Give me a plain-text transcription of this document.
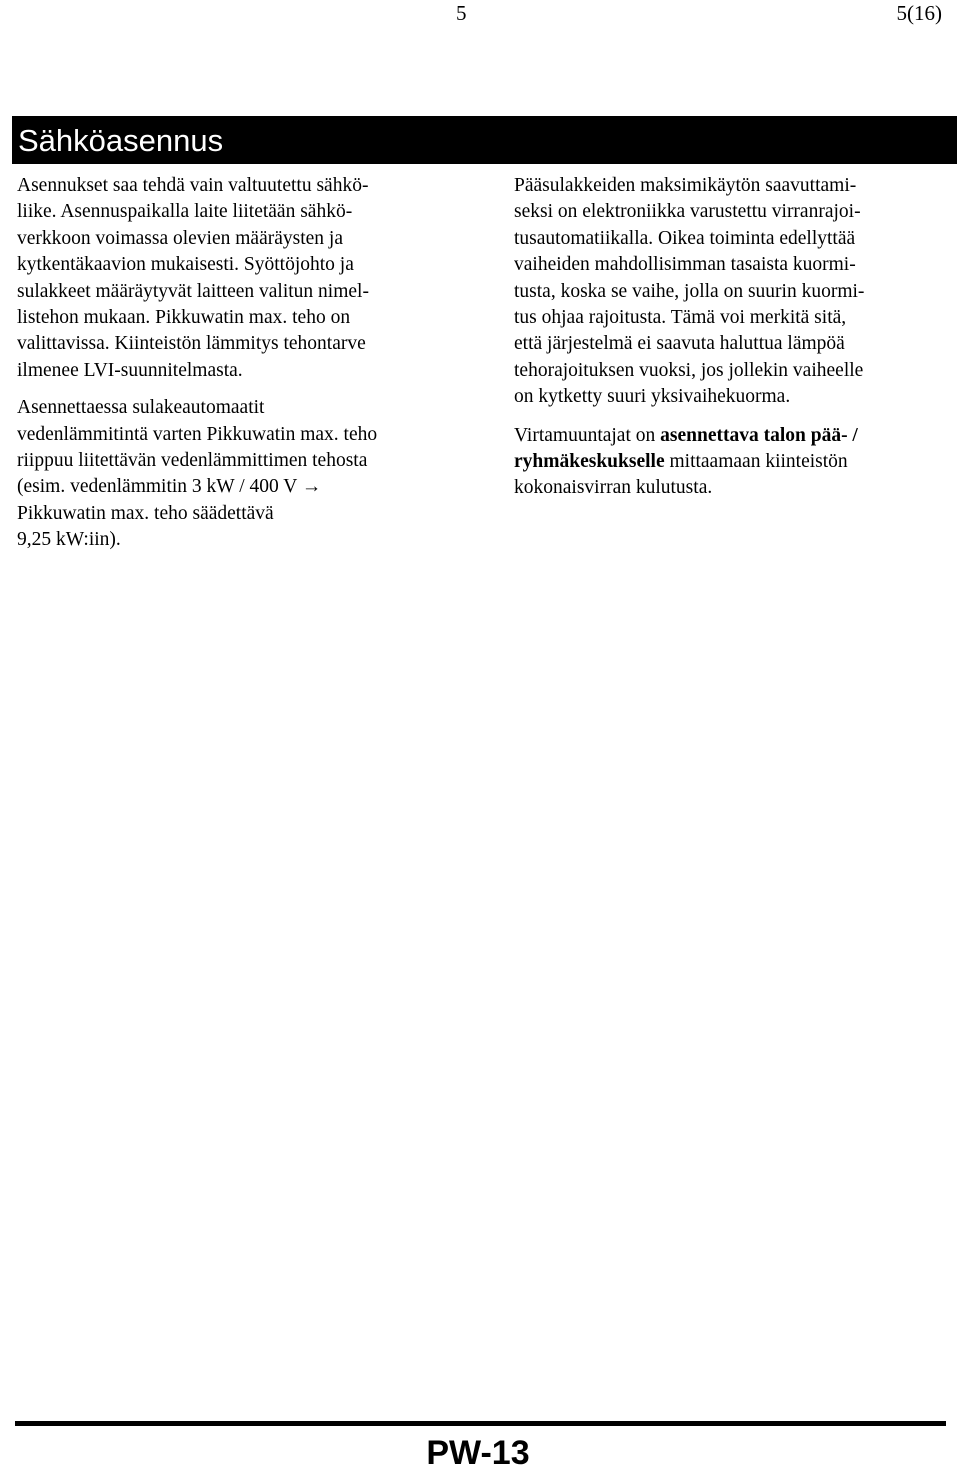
5	5(16)
Sähköasennus

Asennukset saa tehdä vain valtuutettu sähkö-
liike. Asennuspaikalla laite liitetään sähkö-
verkkoon voimassa olevien määräysten ja
kytkentäkaavion mukaisesti. Syöttöjohto ja
sulakkeet määräytyvät laitteen valitun nimel-
listehon mukaan. Pikkuwatin max. teho on
valittavissa. Kiinteistön lämmitys tehontarve
ilmenee LVI-suunnitelmasta.

Asennettaessa sulakeautomaatit
vedenlämmitintä varten Pikkuwatin max. teho
riippuu liitettävän vedenlämmittimen tehosta
(esim. vedenlämmitin 3 kW / 400 V →
Pikkuwatin max. teho säädettävä
9,25 kW:iin).

Pääsulakkeiden maksimikäytön saavuttami-
seksi on elektroniikka varustettu virranrajoi-
tusautomatiikalla. Oikea toiminta edellyttää
vaiheiden mahdollisimman tasaista kuormi-
tusta, koska se vaihe, jolla on suurin kuormi-
tus ohjaa rajoitusta. Tämä voi merkitä sitä,
että järjestelmä ei saavuta haluttua lämpöä
tehorajoituksen vuoksi, jos jollekin vaiheelle
on kytketty suuri yksivaihekuorma.

Virtamuuntajat on asennettava talon pää- /
ryhmäkeskukselle mittaamaan kiinteistön
kokonaisvirran kulutusta.

PW-13
